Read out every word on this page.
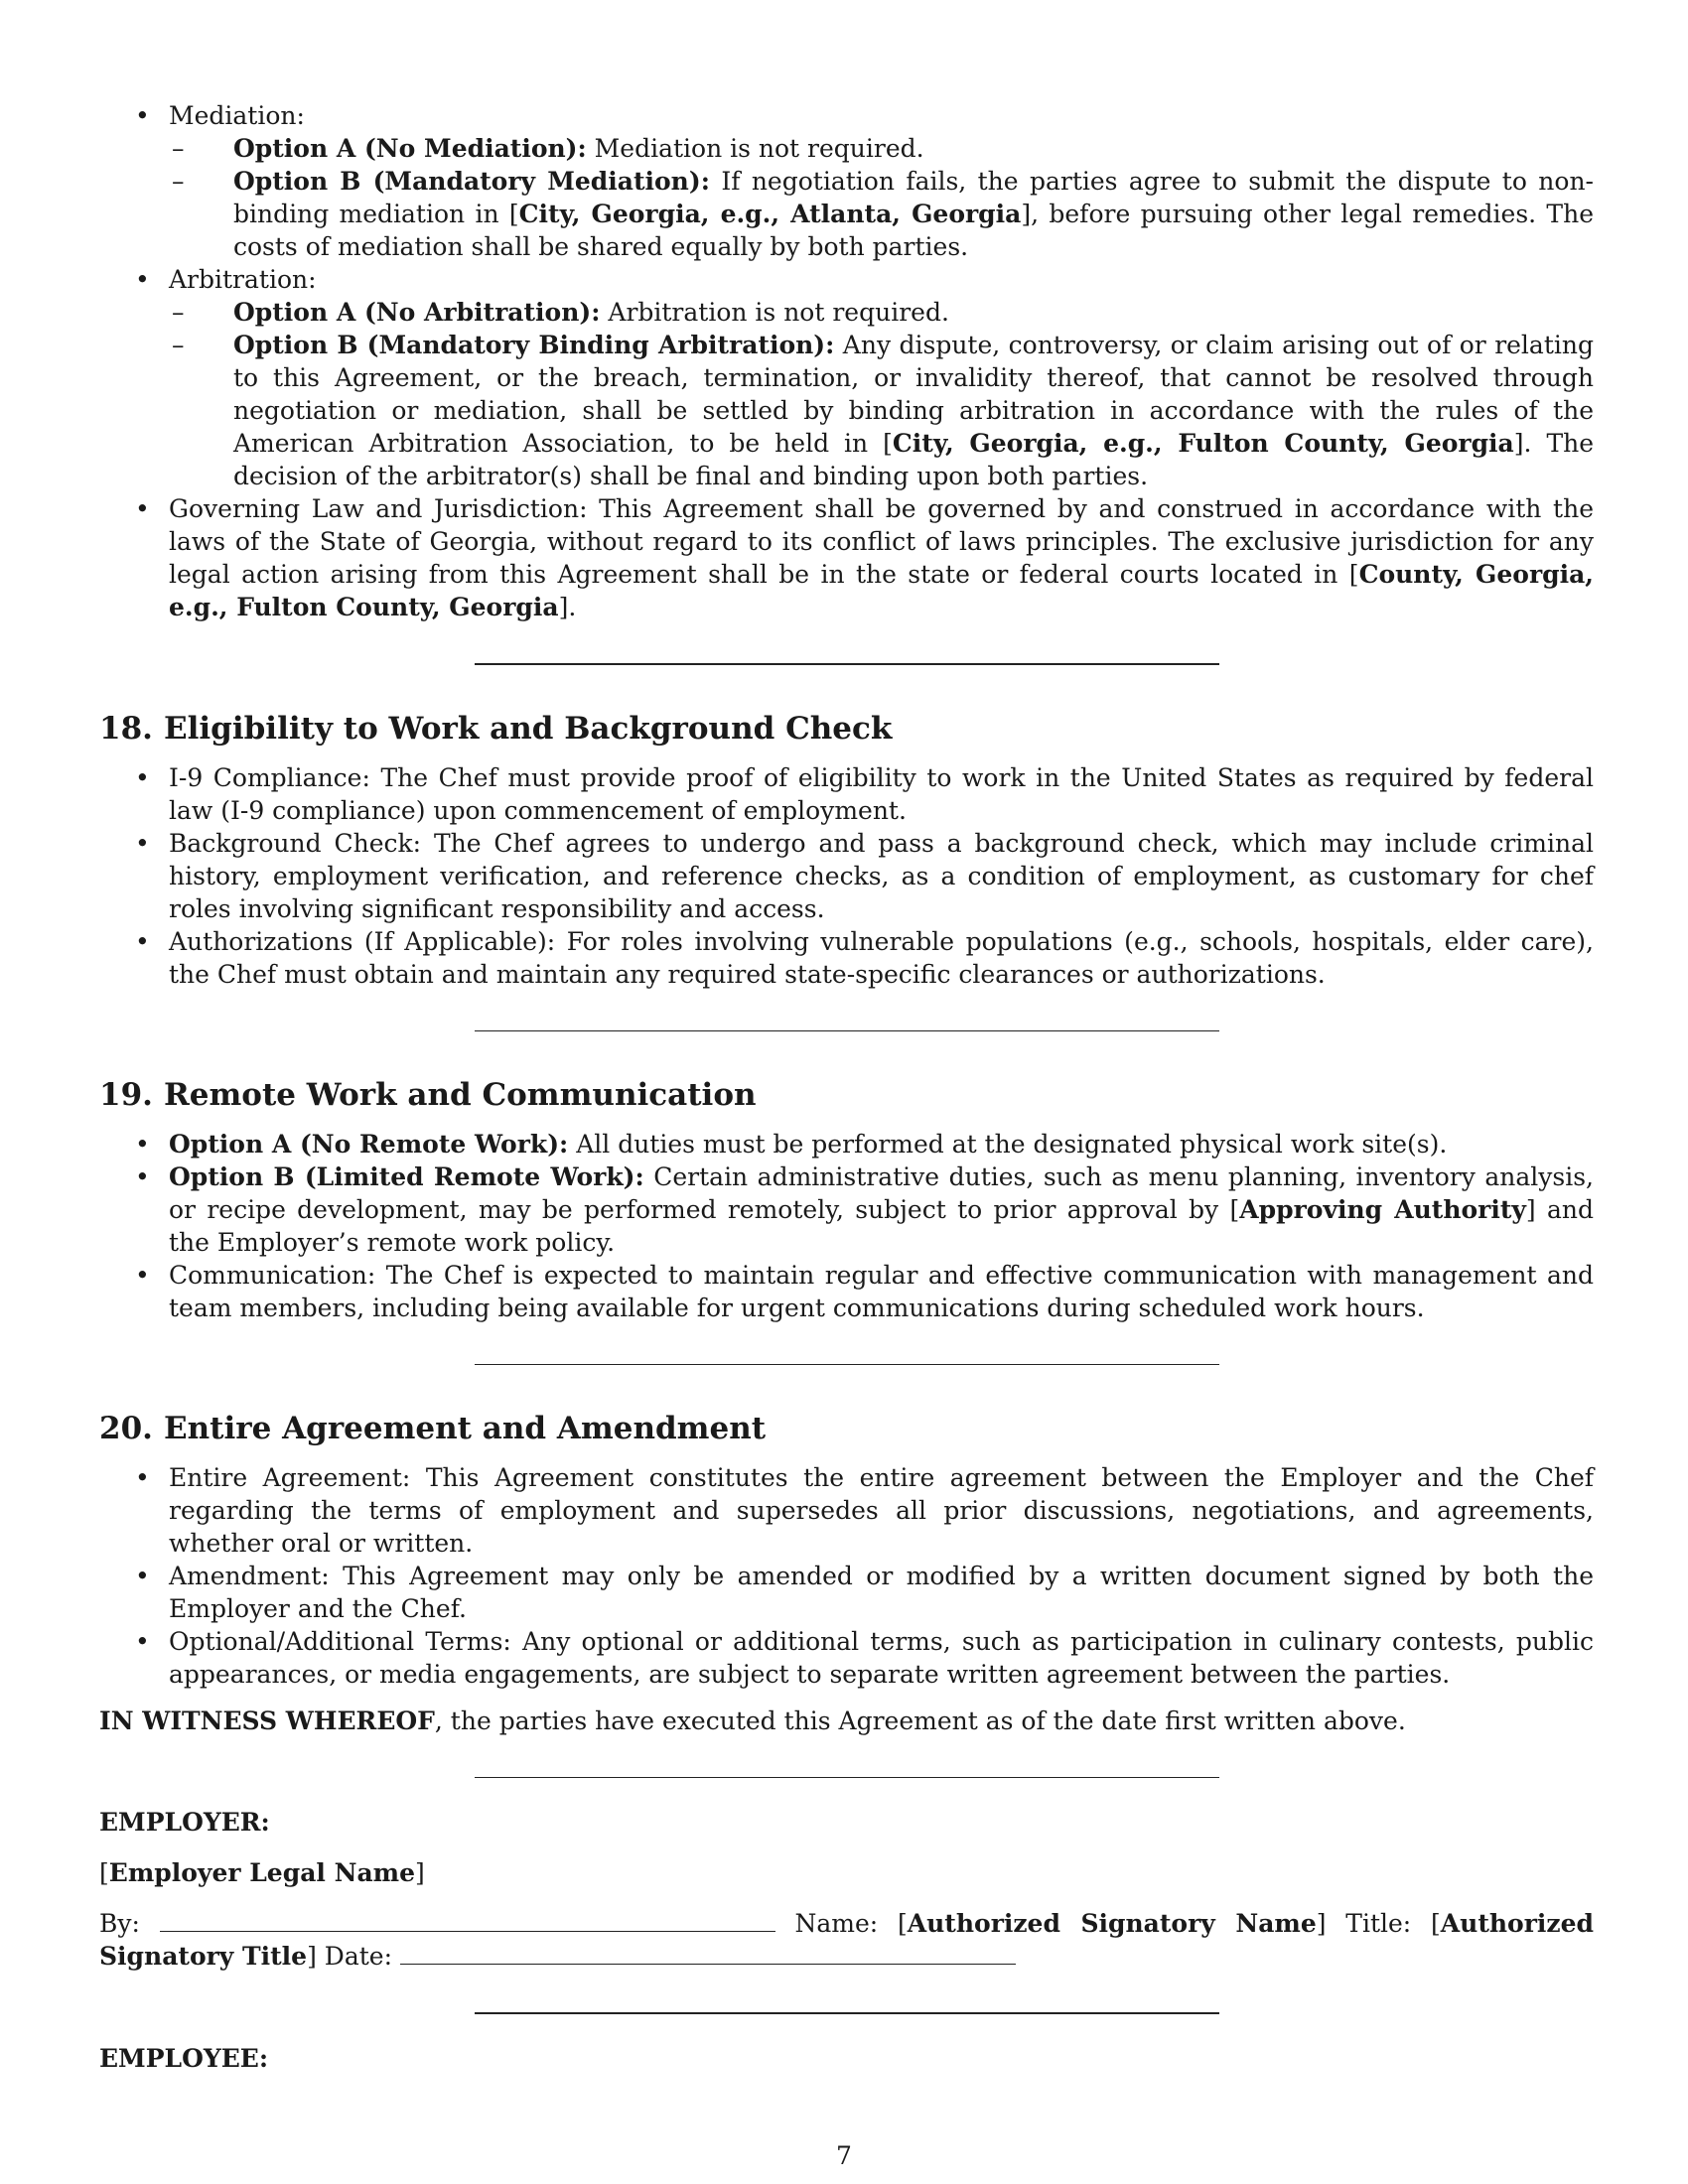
• Mediation:

– Option A (No Mediation): Mediation is not required.

– Option B (Mandatory Mediation): If negotiation fails, the parties agree to submit the dispute to non-binding mediation in [City, Georgia, e.g., Atlanta, Georgia], before pursuing other legal remedies. The costs of mediation shall be shared equally by both parties.

• Arbitration:

– Option A (No Arbitration): Arbitration is not required.

– Option B (Mandatory Binding Arbitration): Any dispute, controversy, or claim arising out of or relating to this Agreement, or the breach, termination, or invalidity thereof, that cannot be resolved through negotiation or mediation, shall be settled by binding arbitration in accordance with the rules of the American Arbitration Association, to be held in [City, Georgia, e.g., Fulton County, Georgia]. The decision of the arbitrator(s) shall be final and binding upon both parties.

• Governing Law and Jurisdiction: This Agreement shall be governed by and construed in accordance with the laws of the State of Georgia, without regard to its conflict of laws principles. The exclusive jurisdiction for any legal action arising from this Agreement shall be in the state or federal courts located in [County, Georgia, e.g., Fulton County, Georgia].

18. Eligibility to Work and Background Check

• I-9 Compliance: The Chef must provide proof of eligibility to work in the United States as required by federal law (I-9 compliance) upon commencement of employment.

• Background Check: The Chef agrees to undergo and pass a background check, which may include criminal history, employment verification, and reference checks, as a condition of employment, as customary for chef roles involving significant responsibility and access.

• Authorizations (If Applicable): For roles involving vulnerable populations (e.g., schools, hospitals, elder care), the Chef must obtain and maintain any required state-specific clearances or authorizations.

19. Remote Work and Communication

• Option A (No Remote Work): All duties must be performed at the designated physical work site(s).

• Option B (Limited Remote Work): Certain administrative duties, such as menu planning, inventory analysis, or recipe development, may be performed remotely, subject to prior approval by [Approving Authority] and the Employer’s remote work policy.

• Communication: The Chef is expected to maintain regular and effective communication with management and team members, including being available for urgent communications during scheduled work hours.

20. Entire Agreement and Amendment

• Entire Agreement: This Agreement constitutes the entire agreement between the Employer and the Chef regarding the terms of employment and supersedes all prior discussions, negotiations, and agreements, whether oral or written.

• Amendment: This Agreement may only be amended or modified by a written document signed by both the Employer and the Chef.

• Optional/Additional Terms: Any optional or additional terms, such as participation in culinary contests, public appearances, or media engagements, are subject to separate written agreement between the parties.

IN WITNESS WHEREOF, the parties have executed this Agreement as of the date first written above.

EMPLOYER:

[Employer Legal Name]

By:	Name: [Authorized Signatory Name] Title: [Authorized Signatory Title] Date:

EMPLOYEE:

7
